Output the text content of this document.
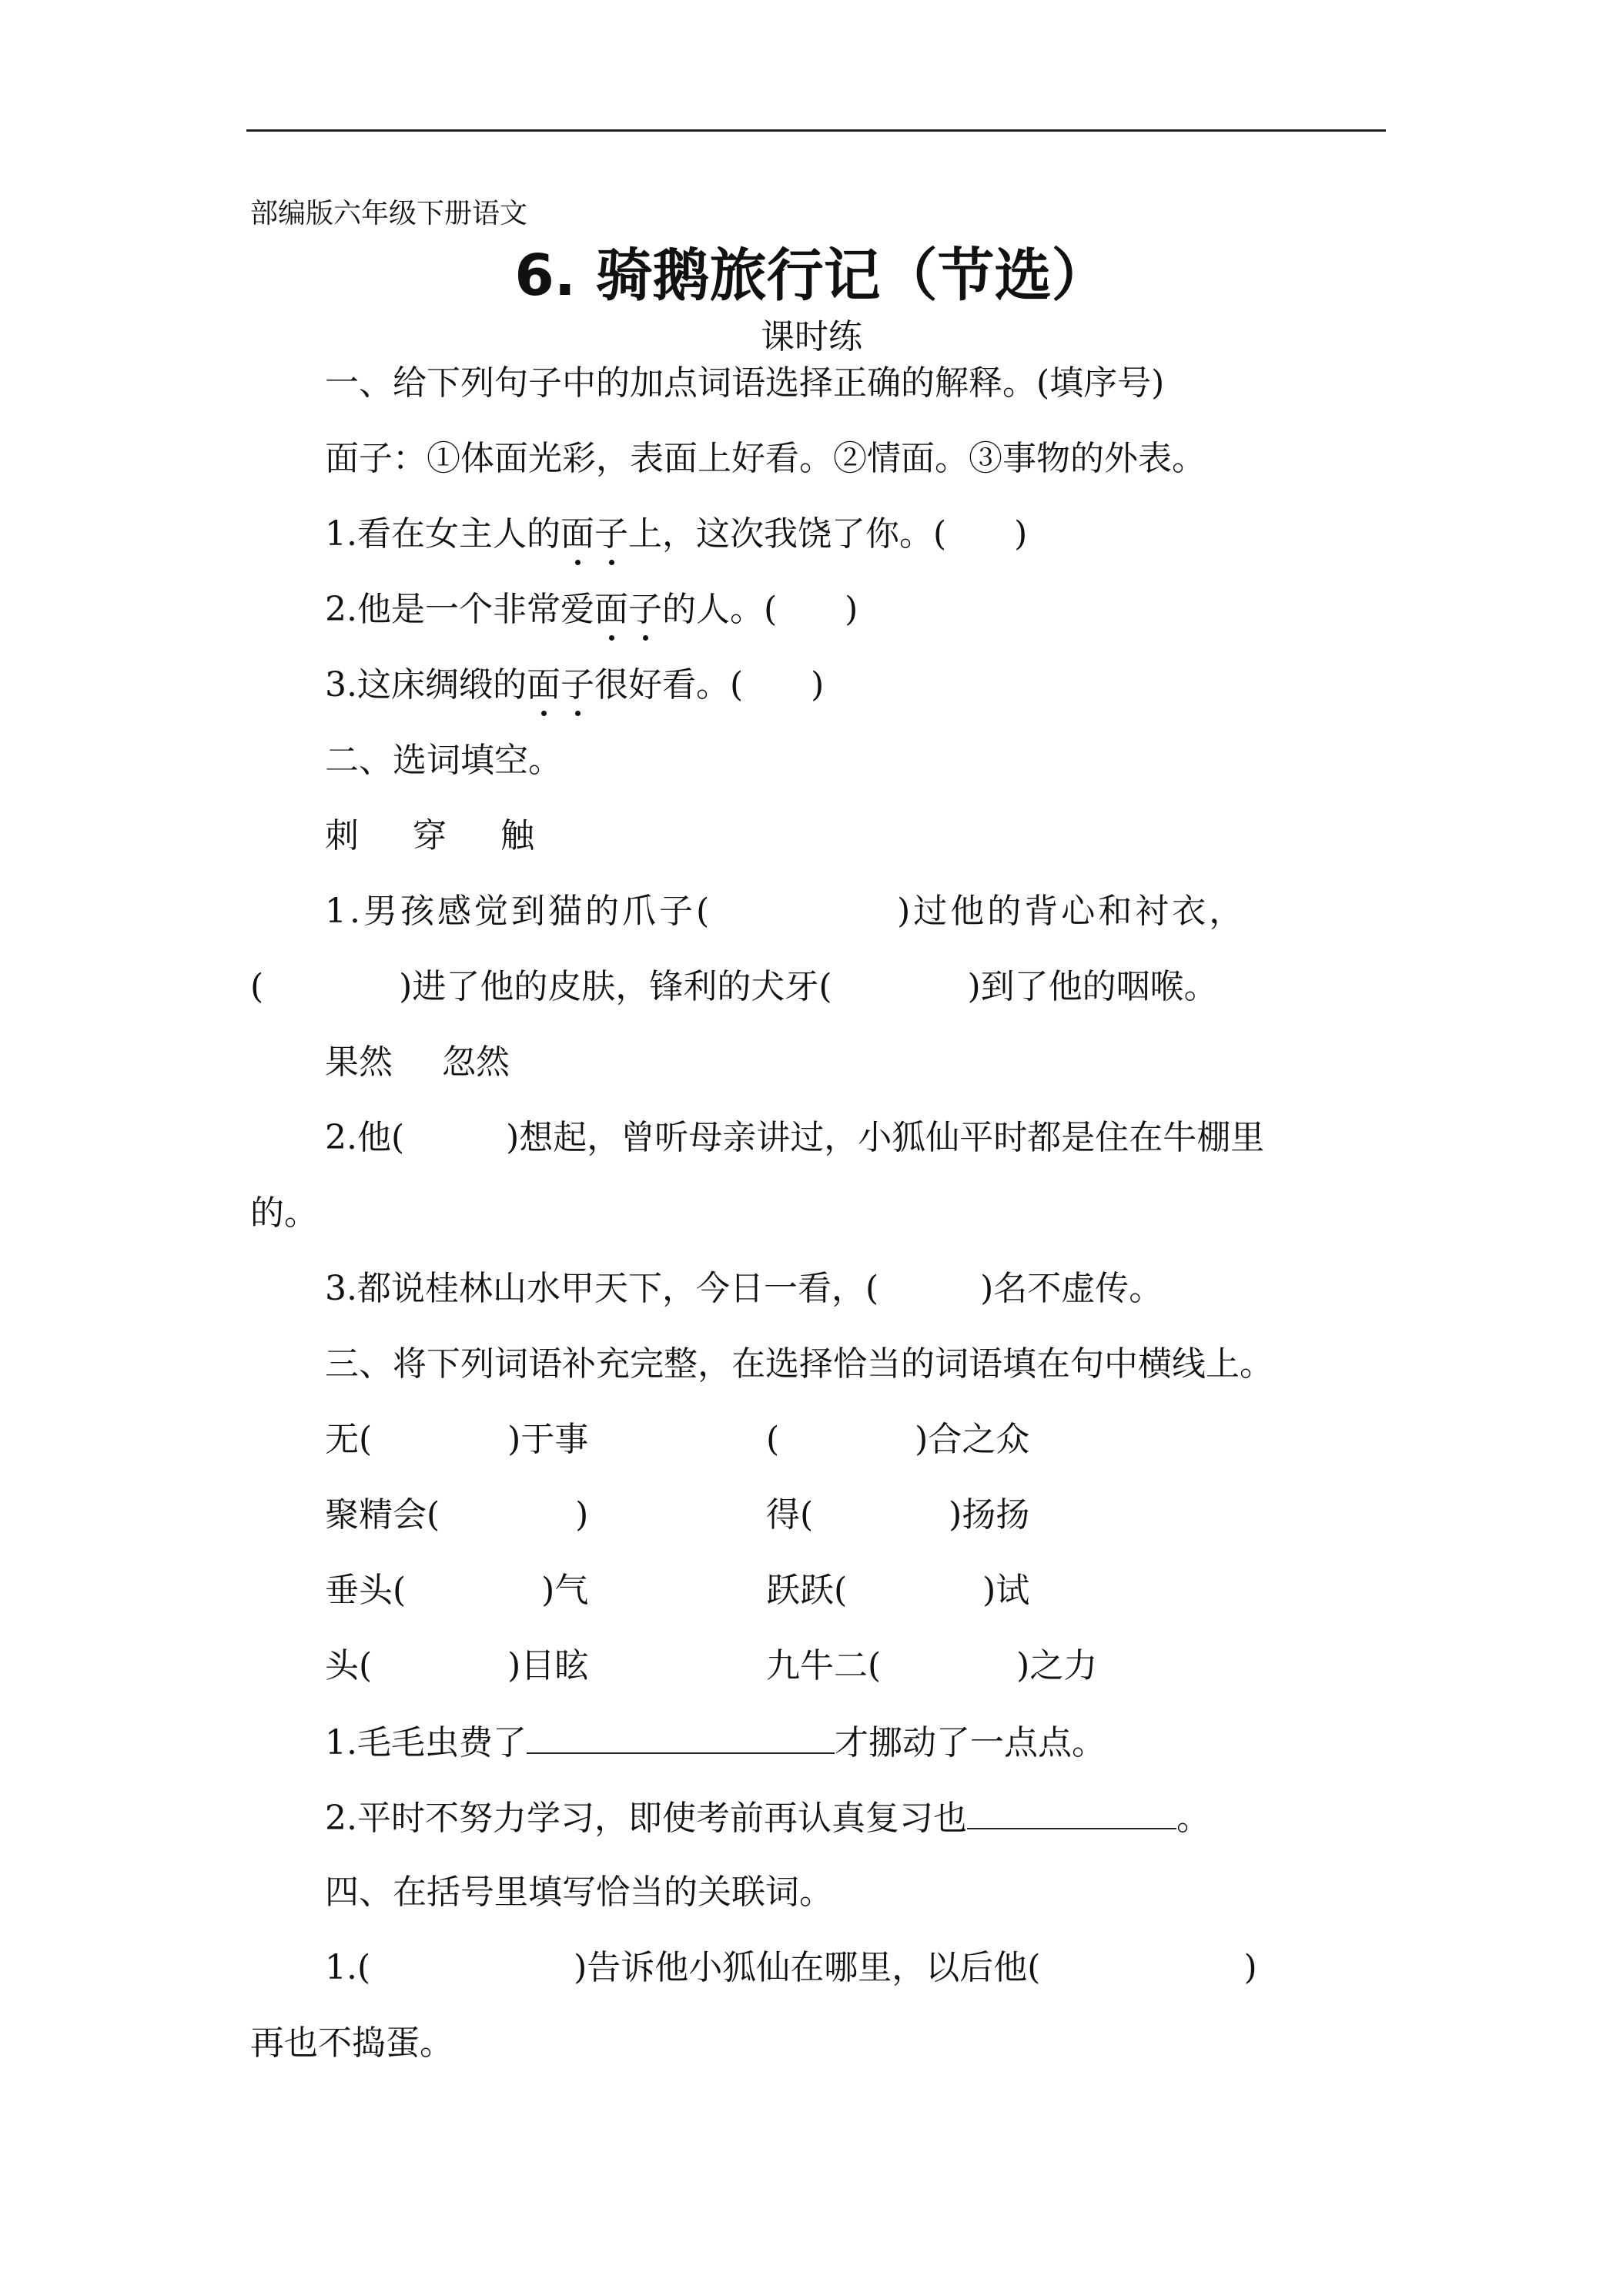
部编版六年级下册语文
6. 骑鹅旅行记（节选）
课时练
一、给下列句子中的加点词语选择正确的解释。(填序号)
面子：①体面光彩，表面上好看。②情面。③事物的外表。
1.看在女主人的面子上，这次我饶了你。(　　)
2.他是一个非常爱面子的人。(　　)
3.这床绸缎的面子很好看。(　　)
二、选词填空。
刺 穿 触
1.男孩感觉到猫的爪子(　　　　　)过他的背心和衬衣，
(　　　　)进了他的皮肤，锋利的犬牙(　　　　)到了他的咽喉。
果然 忽然
2.他(　　　)想起，曾听母亲讲过，小狐仙平时都是住在牛棚里
的。
3.都说桂林山水甲天下，今日一看，(　　　)名不虚传。
三、将下列词语补充完整，在选择恰当的词语填在句中横线上。
无(　　　　)于事	(　　　　)合之众
聚精会(　　　　)	得(　　　　)扬扬
垂头(　　　　)气	跃跃(　　　　)试
头(　　　　)目眩	九牛二(　　　　)之力
1.毛毛虫费了	才挪动了一点点。
2.平时不努力学习，即使考前再认真复习也	。
四、在括号里填写恰当的关联词。
1.(　　　　　　)告诉他小狐仙在哪里，以后他(　　　　　　)
再也不捣蛋。
